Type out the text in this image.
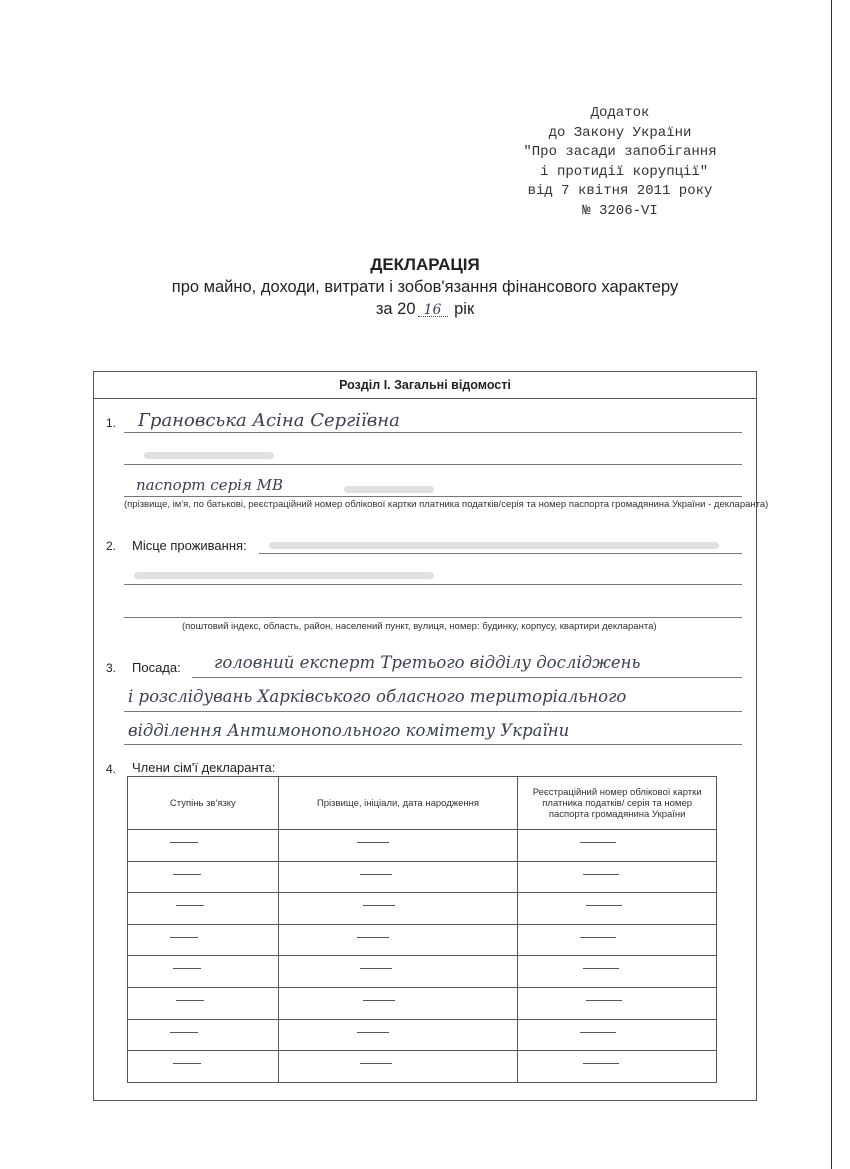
Додаток
до Закону України
"Про засади запобігання
і протидії корупції"
від 7 квітня 2011 року
№ 3206-VI
ДЕКЛАРАЦІЯ
про майно, доходи, витрати і зобов'язання фінансового характеру
за 20 16 рік
Розділ І. Загальні відомості
1. Грановська Асіна Сергіївна
паспорт серія МВ
(прізвище, ім'я, по батькові, реєстраційний номер облікової картки платника податків/серія та номер паспорта громадянина України - декларанта)
2. Місце проживання:
(поштовий індекс, область, район, населений пункт, вулиця, номер: будинку, корпусу, квартири декларанта)
3. Посада: головний експерт Третього відділу досліджень
і розслідувань Харківського обласного територіального
відділення Антимонопольного комітету України
4. Члени сім'ї декларанта:
Ступінь зв'язку	Прізвище, ініціали, дата народження	Реєстраційний номер облікової картки платника податків/ серія та номер паспорта громадянина України
